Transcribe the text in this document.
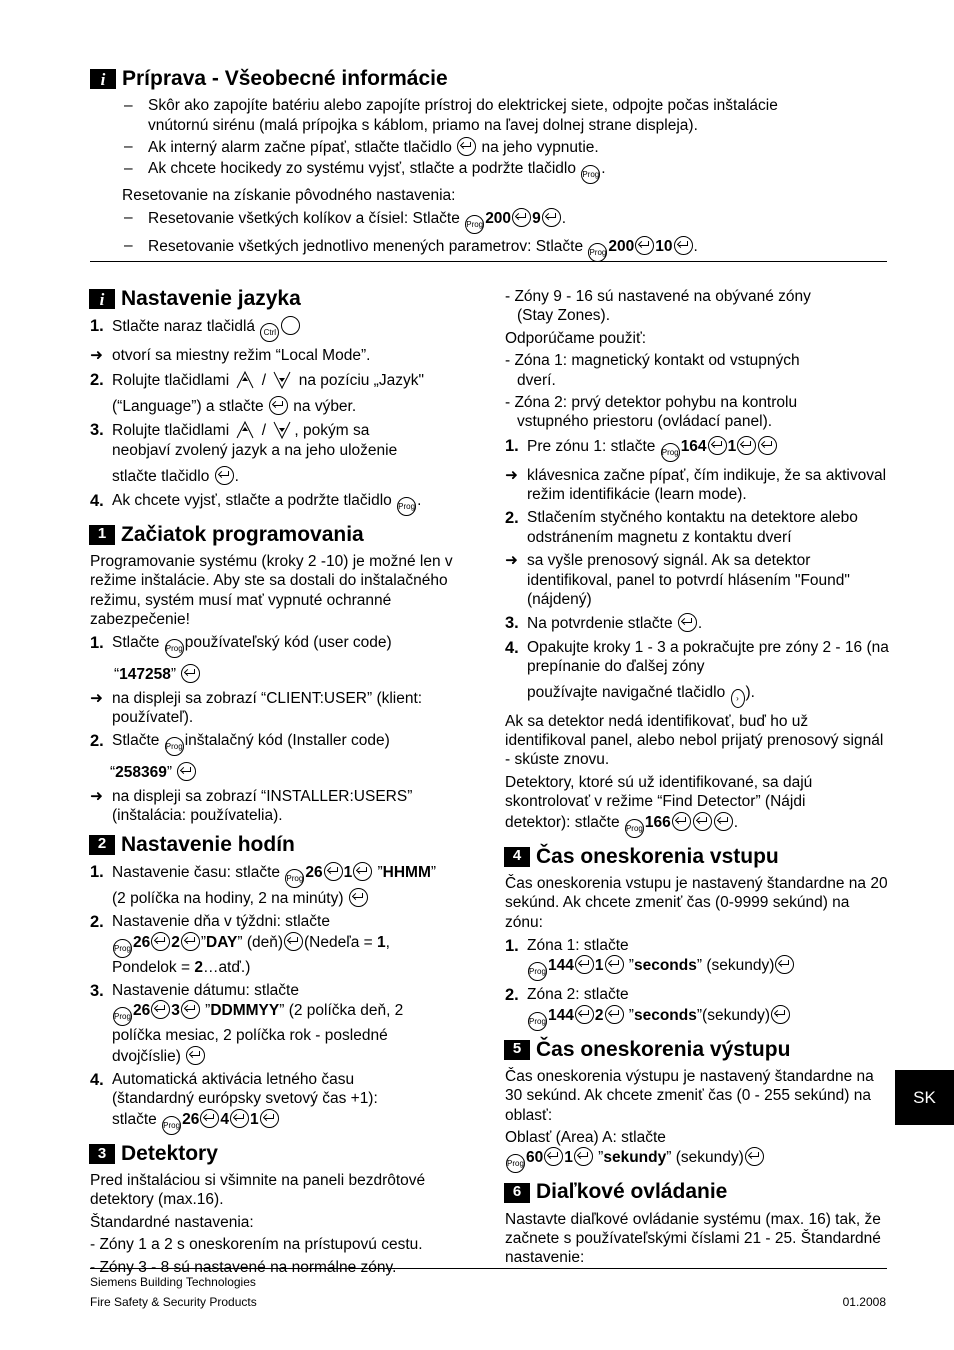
i Príprava - Všeobecné informácie
– Skôr ako zapojíte batériu alebo zapojíte prístroj do elektrickej siete, odpojte počas inštalácie
vnútornú sirénu (malá prípojka s káblom, priamo na ľavej dolnej strane displeja).
– Ak interný alarm začne pípať, stlačte tlačidlo na jeho vypnutie.
– Ak chcete hocikedy zo systému vyjsť, stlačte a podržte tlačidlo Prog .
Resetovanie na získanie pôvodného nastavenia:
– Resetovanie všetkých kolíkov a čísiel: Stlačte Prog 200 9 .
– Resetovanie všetkých jednotlivo menených parametrov: Stlačte Prog 200 10 .
i Nastavenie jazyka
1. Stlačte naraz tlačidlá Ctrl
➜ otvorí sa miestny režim “Local Mode”.
2. Rolujte tlačidlami  /  na pozíciu „Jazyk"
(“Language”) a stlačte na výber.
3. Rolujte tlačidlami  / , pokým sa
neobjaví zvolený jazyk a na jeho uloženie
stlačte tlačidlo .
4. Ak chcete vyjsť, stlačte a podržte tlačidlo Prog .
1 Začiatok programovania
Programovanie systému (kroky 2 -10) je možné len v režime inštalácie. Aby ste sa dostali do inštalačného režimu, systém musí mať vypnuté ochranné zabezpečenie!
1. Stlačte Prog používateľský kód (user code)
“147258”
➜ na displeji sa zobrazí “CLIENT:USER” (klient: používateľ).
2. Stlačte Prog inštalačný kód (Installer code)
“258369”
➜ na displeji sa zobrazí “INSTALLER:USERS” (inštalácia: používatelia).
2 Nastavenie hodín
1. Nastavenie času: stlačte Prog 26 1
”HHMM”
(2 políčka na hodiny, 2 na minúty)
2. Nastavenie dňa v týždni: stlačte
Prog 26 2 ”DAY” (deň) (Nedeľa = 1,
Pondelok = 2…atď.)
3. Nastavenie dátumu: stlačte
Prog 26 3
”DDMMYY” (2 políčka deň, 2
políčka mesiac, 2 políčka rok - posledné
dvojčíslie)
4. Automatická aktivácia letného času
(štandardný európsky svetový čas +1):
stlačte Prog 26 4 1
3 Detektory
Pred inštaláciou si všimnite na paneli bezdrôtové detektory (max.16).
Štandardné nastavenia:
- Zóny 1 a 2 s oneskorením na prístupovú cestu.
- Zóny 3 - 8 sú nastavené na normálne zóny.
- Zóny 9 - 16 sú nastavené na obývané zóny
(Stay Zones).
Odporúčame použiť:
- Zóna 1: magnetický kontakt od vstupných
dverí.
- Zóna 2: prvý detektor pohybu na kontrolu
vstupného priestoru (ovládací panel).
1. Pre zónu 1: stlačte Prog 164 1
➜ klávesnica začne pípať, čím indikuje, že sa aktivoval režim identifikácie (learn mode).
2. Stlačením styčného kontaktu na detektore alebo odstránením magnetu z kontaktu dverí
➜ sa vyšle prenosový signál. Ak sa detektor identifikoval, panel to potvrdí hlásením "Found" (nájdený)
3. Na potvrdenie stlačte .
4. Opakujte kroky 1 - 3 a pokračujte pre zóny 2 - 16 (na prepínanie do ďalšej zóny
používajte navigačné tlačidlo › ).
Ak sa detektor nedá identifikovať, buď ho už identifikoval panel, alebo nebol prijatý prenosový signál - skúste znovu.
Detektory, ktoré sú už identifikované, sa dajú skontrolovať v režime “Find Detector” (Nájdi
detektor): stlačte Prog 166	.
4 Čas oneskorenia vstupu
Čas oneskorenia vstupu je nastavený štandardne na 20 sekúnd. Ak chcete zmeniť čas (0-9999 sekúnd) na zónu:
1. Zóna 1: stlačte
Prog 144 1
”seconds” (sekundy)
2. Zóna 2: stlačte
Prog 144 2
”seconds”(sekundy)
5 Čas oneskorenia výstupu
Čas oneskorenia výstupu je nastavený štandardne na 30 sekúnd. Ak chcete zmeniť čas (0 - 255 sekúnd) na oblasť:
Oblasť (Area) A: stlačte
Prog 60 1
”sekundy” (sekundy)
6 Diaľkové ovládanie
Nastavte diaľkové ovládanie systému (max. 16) tak, že začnete s používateľskými číslami 21 - 25. Štandardné nastavenie:
SK
Siemens Building Technologies
Fire Safety & Security Products	01.2008
